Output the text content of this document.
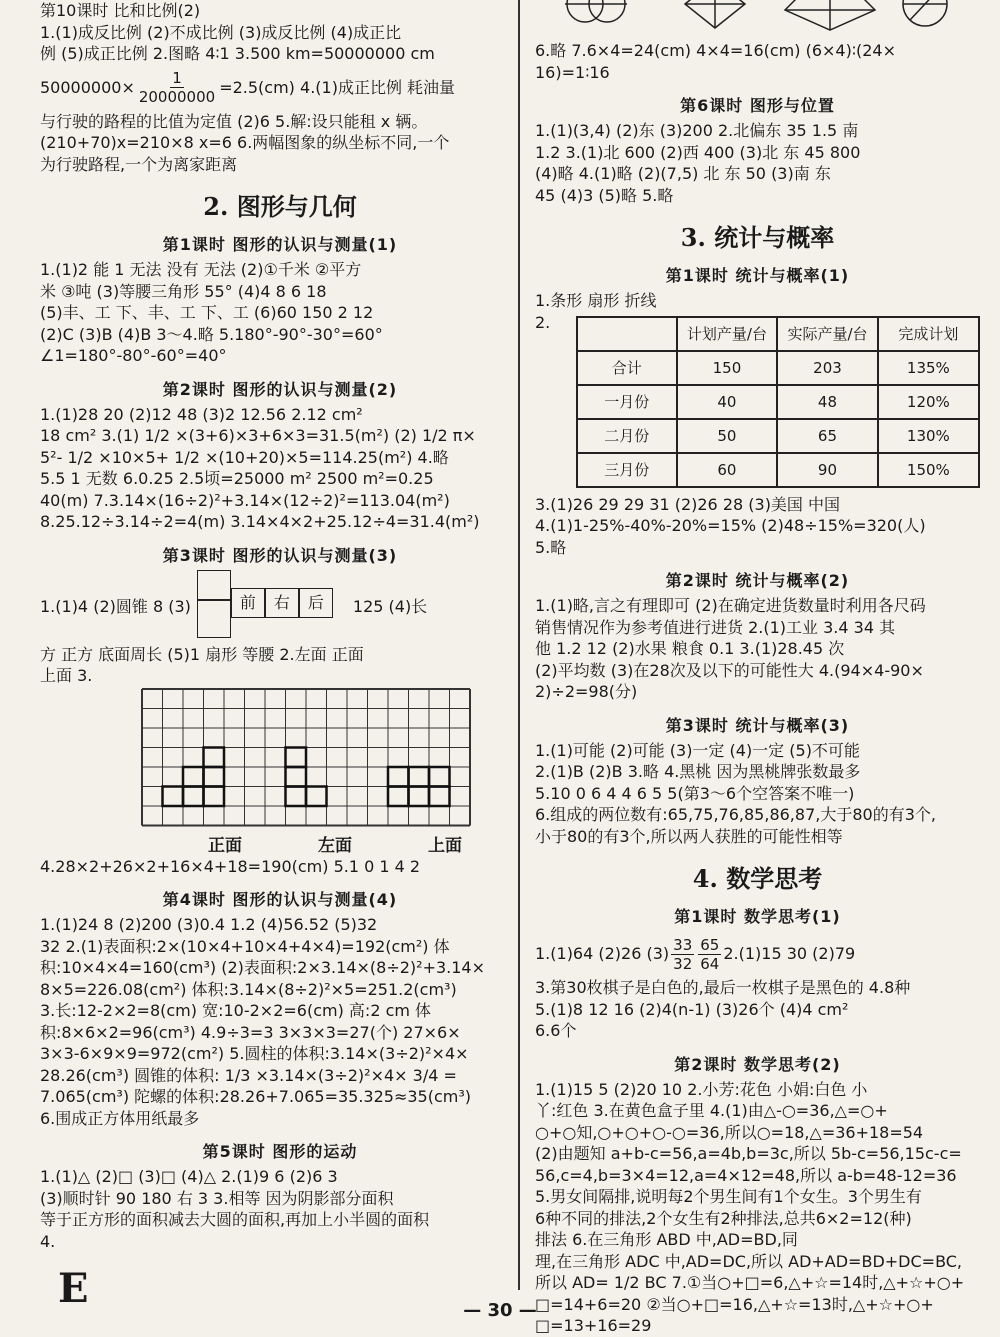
第10课时 比和比例(2)
1.(1)成反比例 (2)不成比例 (3)成反比例 (4)成正比
例 (5)成正比例 2.图略 4∶1 3.500 km=50000000 cm
$50000000\times \frac{1}{20000000} =2.5(cm)$ 4.(1)成正比例 耗油量
与行驶的路程的比值为定值 (2)6 5.解:设只能租 x 辆。
(210+70)x=210×8 x=6 6.两幅图象的纵坐标不同,一个
为行驶路程,一个为离家距离
2. 图形与几何
第1课时 图形的认识与测量(1)
1.(1)2 能 1 无法 没有 无法 (2)①千米 ②平方
米 ③吨 (3)等腰三角形 55° (4)4 8 6 18
(5)丰、工 下、丰、工 下、工 (6)60 150 2 12
(2)C (3)B (4)B 3～4.略 5.180°-90°-30°=60°
∠1=180°-80°-60°=40°
第2课时 图形的认识与测量(2)
1.(1)28 20 (2)12 48 (3)2 12.56 2.12 cm²
18 cm² 3.(1) 1/2 ×(3+6)×3+6×3=31.5(m²) (2) 1/2 π×
5²- 1/2 ×10×5+ 1/2 ×(10+20)×5=114.25(m²) 4.略
5.5 1 无数 6.0.25 2.5顷=25000 m² 2500 m²=0.25
40(m) 7.3.14×(16÷2)²+3.14×(12÷2)²=113.04(m²)
8.25.12÷3.14÷2=4(m) 3.14×4×2+25.12÷4=31.4(m²)
第3课时 图形的认识与测量(3)
1.(1)4 (2)圆锥 8 (3)	前	右	后	125 (4)长
方 正方 底面周长 (5)1 扇形 等腰 2.左面 正面
上面 3.
正面	左面	上面
4.28×2+26×2+16×4+18=190(cm) 5.1 0 1 4 2
第4课时 图形的认识与测量(4)
1.(1)24 8 (2)200 (3)0.4 1.2 (4)56.52 (5)32
32 2.(1)表面积:2×(10×4+10×4+4×4)=192(cm²) 体
积:10×4×4=160(cm³) (2)表面积:2×3.14×(8÷2)²+3.14×
8×5=226.08(cm²) 体积:3.14×(8÷2)²×5=251.2(cm³)
3.长:12-2×2=8(cm) 宽:10-2×2=6(cm) 高:2 cm 体
积:8×6×2=96(cm³) 4.9÷3=3 3×3×3=27(个) 27×6×
3×3-6×9×9=972(cm²) 5.圆柱的体积:3.14×(3÷2)²×4×
28.26(cm³) 圆锥的体积: 1/3 ×3.14×(3÷2)²×4× 3/4 =
7.065(cm³) 陀螺的体积:28.26+7.065=35.325≈35(cm³)
6.围成正方体用纸最多
第5课时 图形的运动
1.(1)△ (2)□ (3)□ (4)△ 2.(1)9 6 (2)6 3
(3)顺时针 90 180 右 3 3.相等 因为阴影部分面积
等于正方形的面积减去大圆的面积,再加上小半圆的面积
4.
6.略 7.6×4=24(cm) 4×4=16(cm) (6×4)∶(24×
16)=1∶16
第6课时 图形与位置
1.(1)(3,4) (2)东 (3)200 2.北偏东 35 1.5 南
1.2 3.(1)北 600 (2)西 400 (3)北 东 45 800
(4)略 4.(1)略 (2)(7,5) 北 东 50 (3)南 东
45 (4)3 (5)略 5.略
3. 统计与概率
第1课时 统计与概率(1)
1.条形 扇形 折线
2.
	计划产量/台	实际产量/台	完成计划
合计	150	203	135%
一月份	40	48	120%
二月份	50	65	130%
三月份	60	90	150%
3.(1)26 29 29 31 (2)26 28 (3)美国 中国
4.(1)1-25%-40%-20%=15% (2)48÷15%=320(人)
5.略
第2课时 统计与概率(2)
1.(1)略,言之有理即可 (2)在确定进货数量时利用各尺码
销售情况作为参考值进行进货 2.(1)工业 3.4 34 其
他 1.2 12 (2)水果 粮食 0.1 3.(1)28.45 次
(2)平均数 (3)在28次及以下的可能性大 4.(94×4-90×
2)÷2=98(分)
第3课时 统计与概率(3)
1.(1)可能 (2)可能 (3)一定 (4)一定 (5)不可能
2.(1)B (2)B 3.略 4.黑桃 因为黑桃牌张数最多
5.10 0 6 4 4 6 5 5(第3～6个空答案不唯一)
6.组成的两位数有:65,75,76,85,86,87,大于80的有3个,
小于80的有3个,所以两人获胜的可能性相等
4. 数学思考
第1课时 数学思考(1)
1.(1)64 (2)26 (3) 33
32
65
64
2.(1)15 30 (2)79
3.第30枚棋子是白色的,最后一枚棋子是黑色的 4.8种
5.(1)8 12 16 (2)4(n-1) (3)26个 (4)4 cm²
6.6个
第2课时 数学思考(2)
1.(1)15 5 (2)20 10 2.小芳:花色 小娟:白色 小
丫:红色 3.在黄色盒子里 4.(1)由△-○=36,△=○+
○+○知,○+○+○-○=36,所以○=18,△=36+18=54
(2)由题知 a+b-c=56,a=4b,b=3c,所以 5b-c=56,15c-c=
56,c=4,b=3×4=12,a=4×12=48,所以 a-b=48-12=36
5.男女间隔排,说明每2个男生间有1个女生。3个男生有
6种不同的排法,2个女生有2种排法,总共6×2=12(种)
排法 6.在三角形 ABD 中,AD=BD,同
理,在三角形 ADC 中,AD=DC,所以 AD+AD=BD+DC=BC,
所以 AD= 1/2 BC 7.①当○+□=6,△+☆=14时,△+☆+○+
□=14+6=20 ②当○+□=16,△+☆=13时,△+☆+○+
□=13+16=29
E	— 30 —
